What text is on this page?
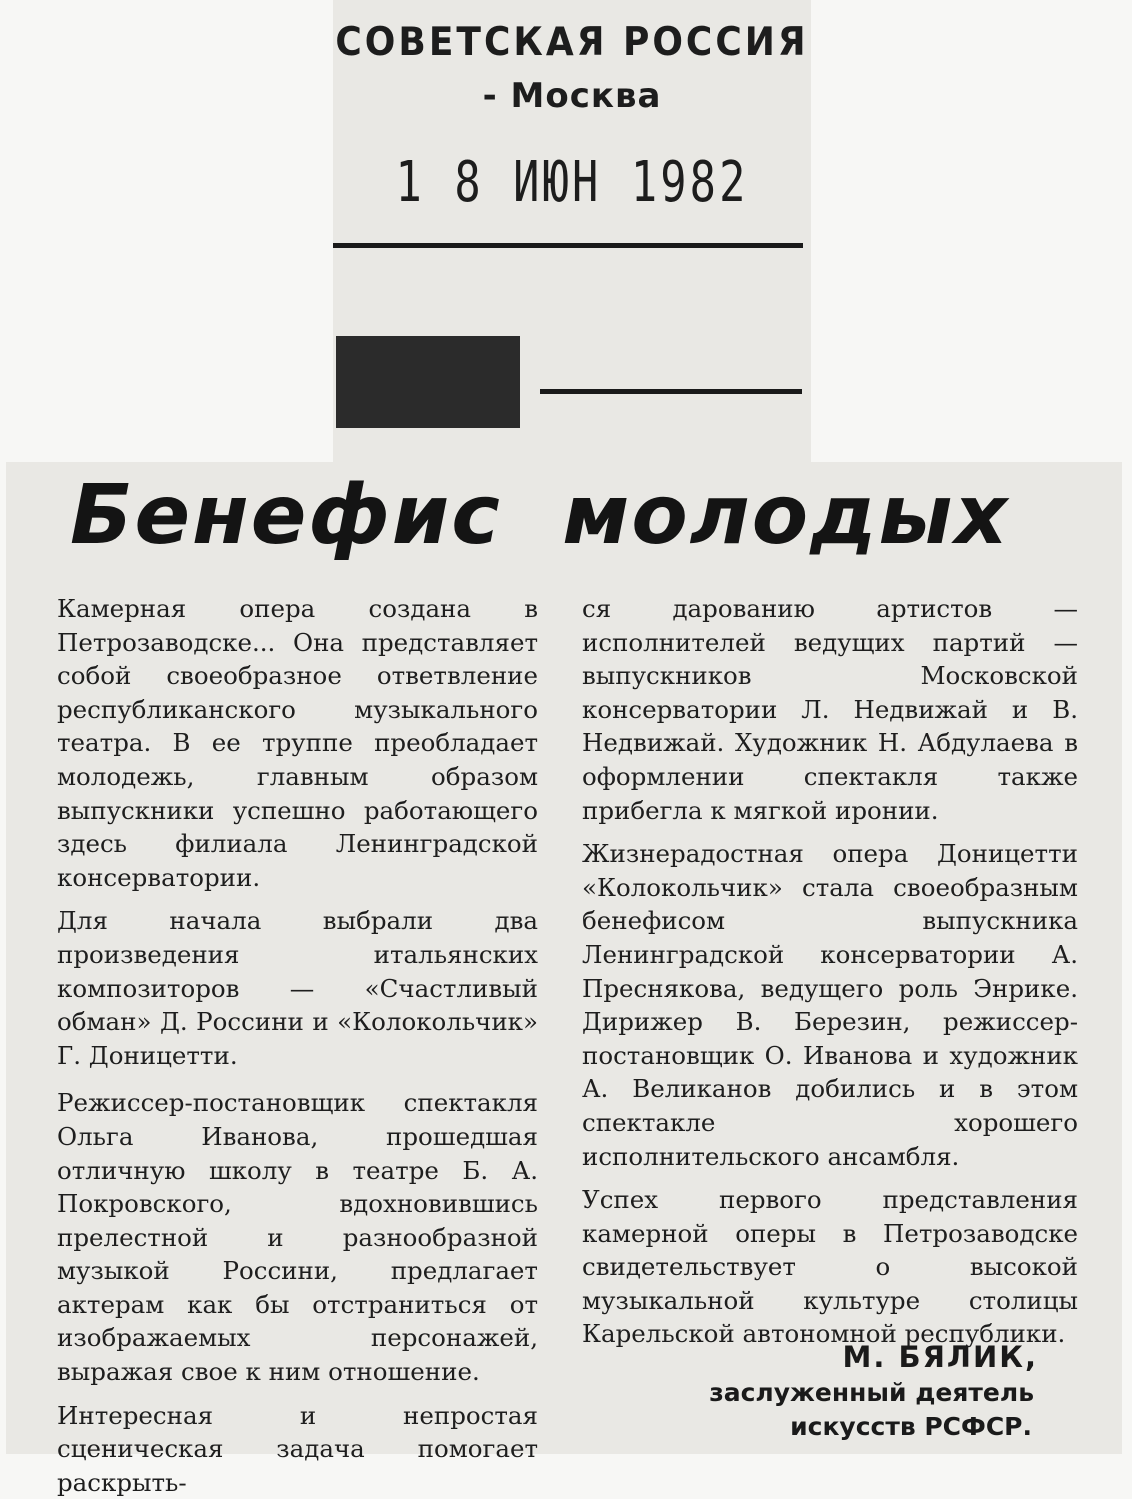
СОВЕТСКАЯ РОССИЯ
- Москва
1 8 ИЮН 1982
Бенефис молодых

Камерная опера создана в Петрозаводске... Она представляет собой своеобразное ответвление республиканского музыкального театра. В ее труппе преобладает молодежь, главным образом выпускники успешно работающего здесь филиала Ленинградской консерватории.

Для начала выбрали два произведения итальянских композиторов — «Счастливый обман» Д. Россини и «Колокольчик» Г. Доницетти.

Режиссер-постановщик спектакля Ольга Иванова, прошедшая отличную школу в театре Б. А. Покровского, вдохновившись прелестной и разнообразной музыкой Россини, предлагает актерам как бы отстраниться от изображаемых персонажей, выражая свое к ним отношение.

Интересная и непростая сценическая задача помогает раскрыть-

ся дарованию артистов — исполнителей ведущих партий — выпускников Московской консерватории Л. Недвижай и В. Недвижай. Художник Н. Абдулаева в оформлении спектакля также прибегла к мягкой иронии.

Жизнерадостная опера Доницетти «Колокольчик» стала своеобразным бенефисом выпускника Ленинградской консерватории А. Преснякова, ведущего роль Энрике. Дирижер В. Березин, режиссер-постановщик О. Иванова и художник А. Великанов добились и в этом спектакле хорошего исполнительского ансамбля.

Успех первого представления камерной оперы в Петрозаводске свидетельствует о высокой музыкальной культуре столицы Карельской автономной республики.

М. БЯЛИК,
заслуженный деятель
искусств РСФСР.
